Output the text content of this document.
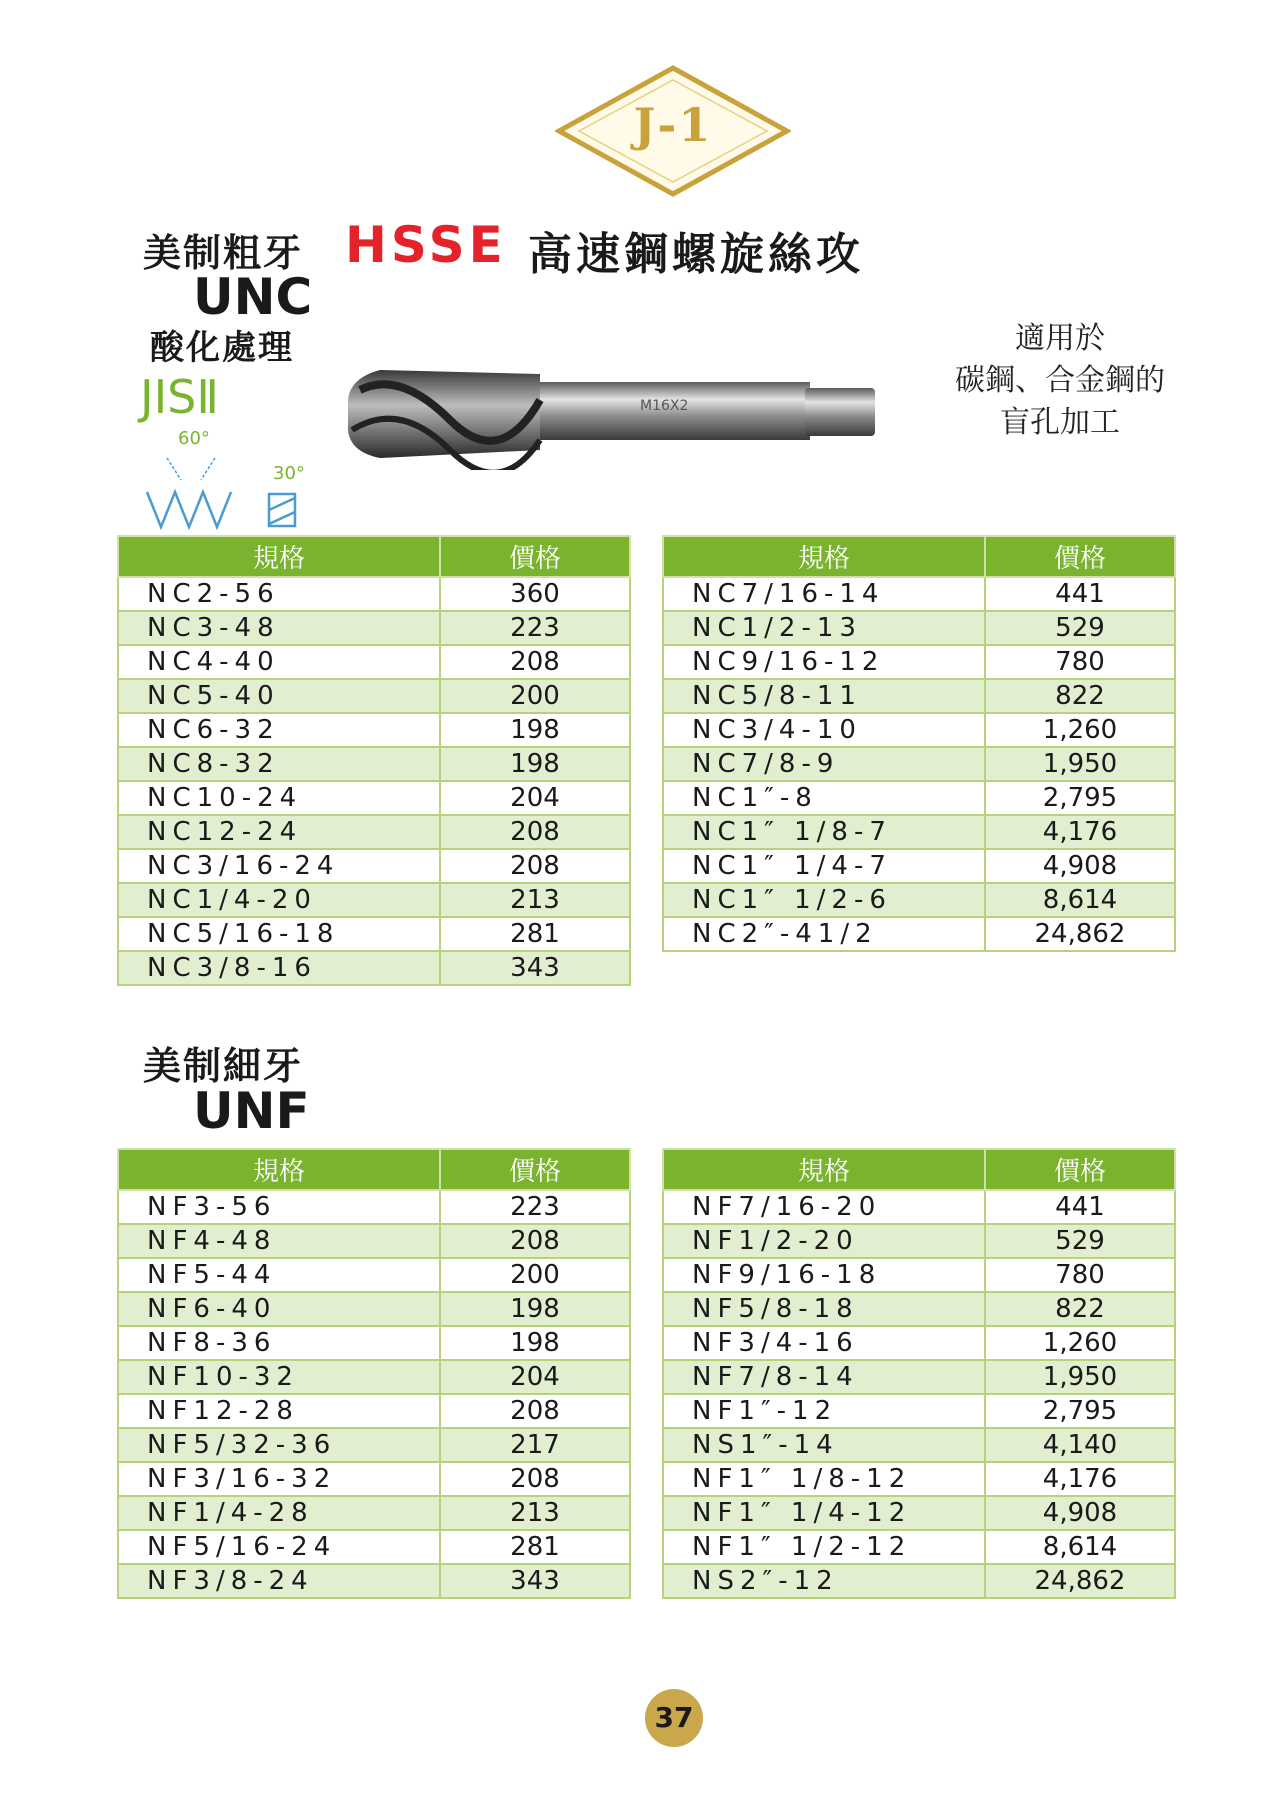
J-1
HSSE 高速鋼螺旋絲攻
美制粗牙
UNC
酸化處理
JISⅡ
60°
30°
M16X2
適用於
碳鋼、合金鋼的
盲孔加工
規格	價格
NC2-56	360
NC3-48	223
NC4-40	208
NC5-40	200
NC6-32	198
NC8-32	198
NC10-24	204
NC12-24	208
NC3/16-24	208
NC1/4-20	213
NC5/16-18	281
NC3/8-16	343
規格	價格
NC7/16-14	441
NC1/2-13	529
NC9/16-12	780
NC5/8-11	822
NC3/4-10	1,260
NC7/8-9	1,950
NC1″-8	2,795
NC1″ 1/8-7	4,176
NC1″ 1/4-7	4,908
NC1″ 1/2-6	8,614
NC2″-41/2	24,862
美制細牙
UNF
規格	價格
NF3-56	223
NF4-48	208
NF5-44	200
NF6-40	198
NF8-36	198
NF10-32	204
NF12-28	208
NF5/32-36	217
NF3/16-32	208
NF1/4-28	213
NF5/16-24	281
NF3/8-24	343
規格	價格
NF7/16-20	441
NF1/2-20	529
NF9/16-18	780
NF5/8-18	822
NF3/4-16	1,260
NF7/8-14	1,950
NF1″-12	2,795
NS1″-14	4,140
NF1″ 1/8-12	4,176
NF1″ 1/4-12	4,908
NF1″ 1/2-12	8,614
NS2″-12	24,862
37
